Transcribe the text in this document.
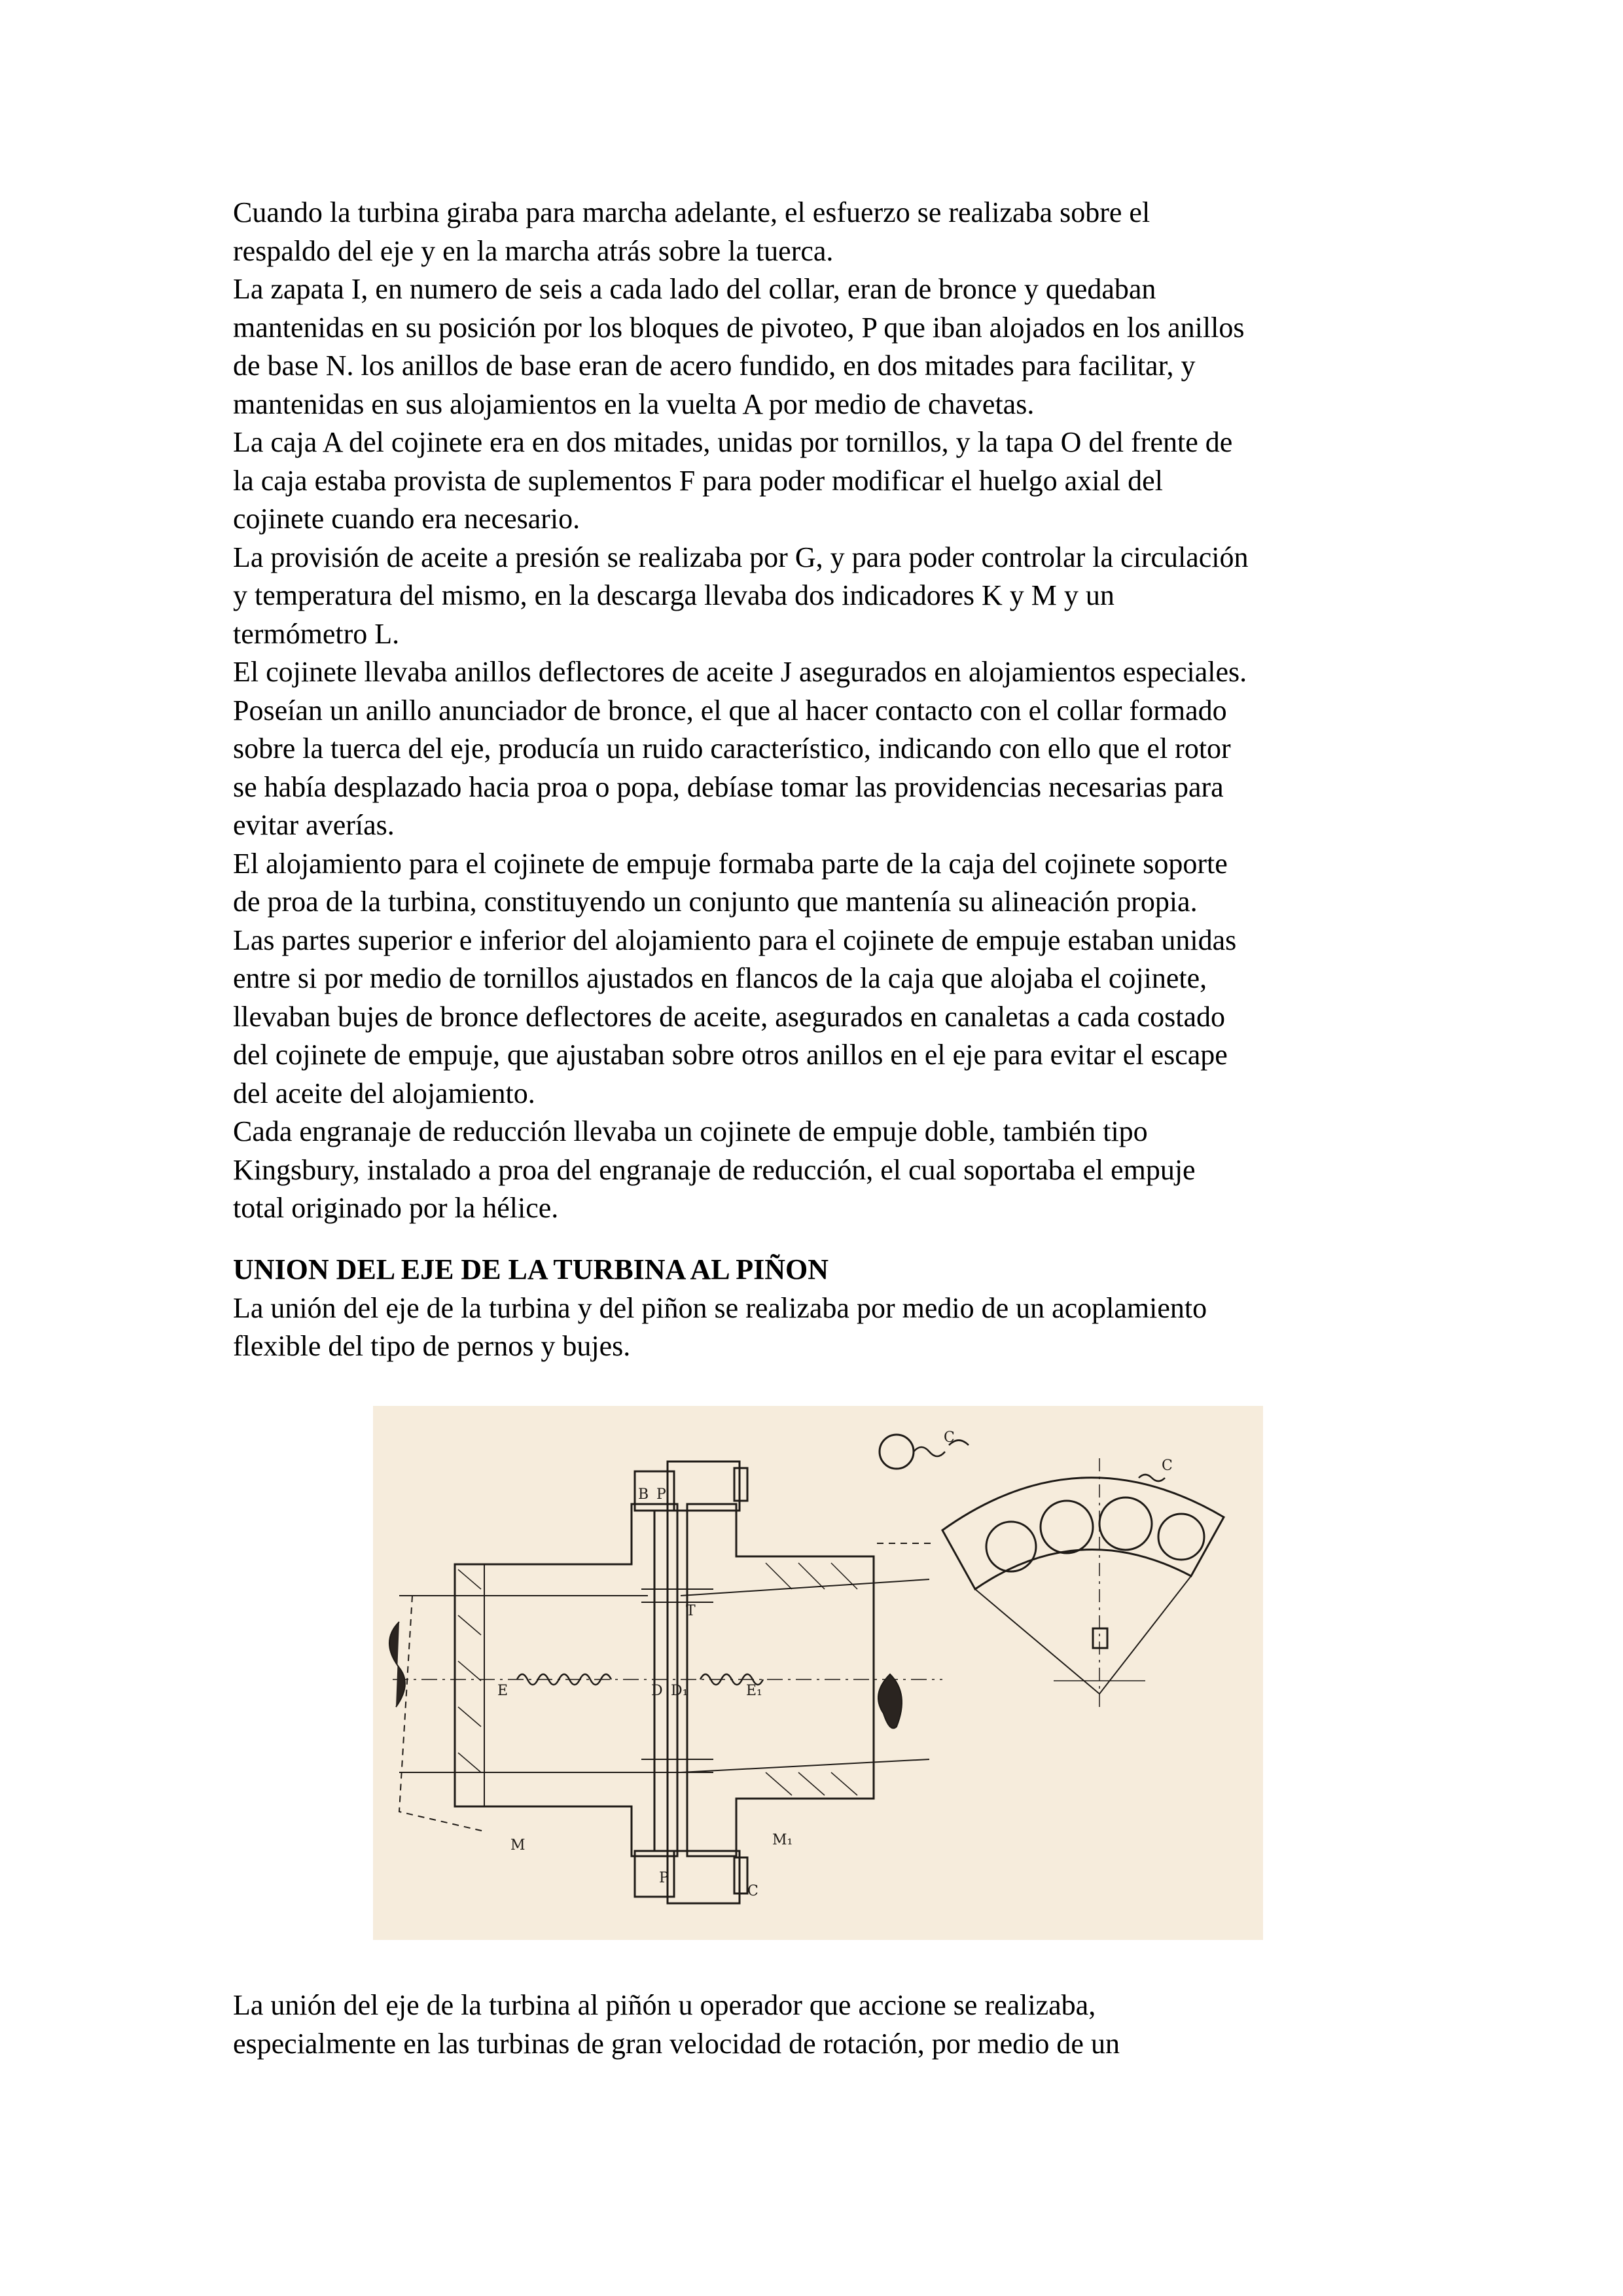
Cuando la turbina giraba para marcha adelante, el esfuerzo se realizaba sobre el
respaldo del eje y en la marcha atrás sobre la tuerca.
La zapata I, en numero de seis a cada lado del collar, eran de bronce y quedaban
mantenidas en su posición por los bloques de pivoteo, P que iban alojados en los anillos
de base N. los anillos de base eran de acero fundido, en dos mitades para facilitar, y
mantenidas en sus alojamientos en la vuelta A por medio de chavetas.
La caja A del cojinete era en dos mitades, unidas por tornillos, y la tapa O del frente de
la caja estaba provista de suplementos F para poder modificar el huelgo axial del
cojinete cuando era necesario.
La provisión de aceite a presión se realizaba por G, y para poder controlar la circulación
y temperatura del mismo, en la descarga llevaba dos indicadores K y M y un
termómetro L.
El cojinete llevaba anillos deflectores de aceite J asegurados en alojamientos especiales.
Poseían un anillo anunciador de bronce, el que al hacer contacto con el collar formado
sobre la tuerca del eje, producía un ruido característico, indicando con ello que el rotor
se había desplazado hacia proa o popa, debíase tomar las providencias necesarias para
evitar averías.
El alojamiento para el cojinete de empuje formaba parte de la caja del cojinete soporte
de proa de la turbina, constituyendo un conjunto que mantenía su alineación propia.
Las partes superior e inferior del alojamiento para el cojinete de empuje estaban unidas
entre si por medio de tornillos ajustados en flancos de la caja que alojaba el cojinete,
llevaban bujes de bronce deflectores de aceite, asegurados en canaletas a cada costado
del cojinete de empuje, que ajustaban sobre otros anillos en el eje para evitar el escape
del aceite del alojamiento.
Cada engranaje de reducción llevaba un cojinete de empuje doble, también tipo
Kingsbury, instalado a proa del engranaje de reducción, el cual soportaba el empuje
total originado por la hélice.
UNION DEL EJE DE LA TURBINA AL PIÑON
La unión del eje de la turbina y del piñon se realizaba por medio de un acoplamiento
flexible del tipo de pernos y bujes.
B P
P
T
D D₁
E	E₁
M	M₁
C
C
C
La unión del eje de la turbina al piñón u operador que accione se realizaba,
especialmente en las turbinas de gran velocidad de rotación, por medio de un
